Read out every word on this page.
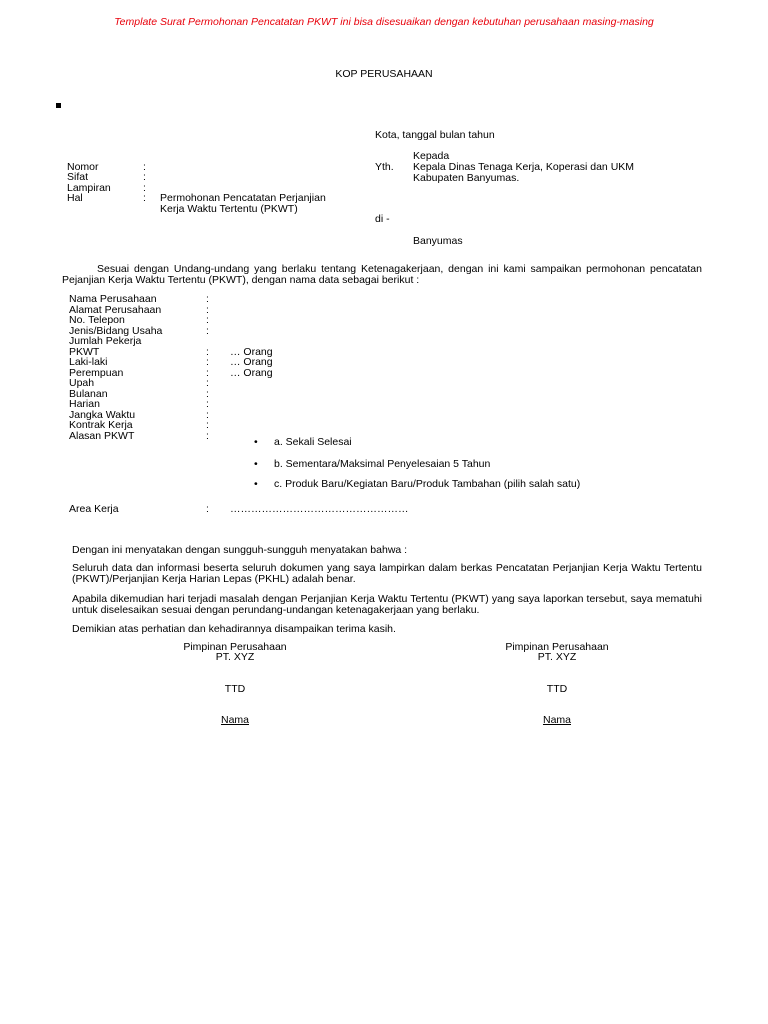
Template Surat Permohonan Pencatatan PKWT ini bisa disesuaikan dengan kebutuhan perusahaan masing-masing
KOP PERUSAHAAN
Kota, tanggal bulan tahun
Kepada
Yth. Kepala Dinas Tenaga Kerja, Koperasi dan UKM
Kabupaten Banyumas.
di -
Banyumas
Nomor	:
Sifat	:
Lampiran	:
Hal	: Permohonan Pencatatan Perjanjian
Kerja Waktu Tertentu (PKWT)
Sesuai dengan Undang-undang yang berlaku tentang Ketenagakerjaan, dengan ini kami sampaikan permohonan pencatatan Pejanjian Kerja Waktu Tertentu (PKWT), dengan nama data sebagai berikut :
Nama Perusahaan	:
Alamat Perusahaan	:
No. Telepon	:
Jenis/Bidang Usaha	:
Jumlah Pekerja
PKWT	: … Orang
Laki-laki	: … Orang
Perempuan	: … Orang
Upah	:
Bulanan	:
Harian	:
Jangka Waktu	:
Kontrak Kerja	:
Alasan PKWT	:	• a. Sekali Selesai
• b. Sementara/Maksimal Penyelesaian 5 Tahun
• c. Produk Baru/Kegiatan Baru/Produk Tambahan (pilih salah satu)
Area Kerja	: ……………………………………………
Dengan ini menyatakan dengan sungguh-sungguh menyatakan bahwa :
Seluruh data dan informasi beserta seluruh dokumen yang saya lampirkan dalam berkas Pencatatan Perjanjian Kerja Waktu Tertentu (PKWT)/Perjanjian Kerja Harian Lepas (PKHL) adalah benar.
Apabila dikemudian hari terjadi masalah dengan Perjanjian Kerja Waktu Tertentu (PKWT) yang saya laporkan tersebut, saya mematuhi untuk diselesaikan sesuai dengan perundang-undangan ketenagakerjaan yang berlaku.
Demikian atas perhatian dan kehadirannya disampaikan terima kasih.
Pimpinan Perusahaan
PT. XYZ
TTD
Nama
Pimpinan Perusahaan
PT. XYZ
TTD
Nama
